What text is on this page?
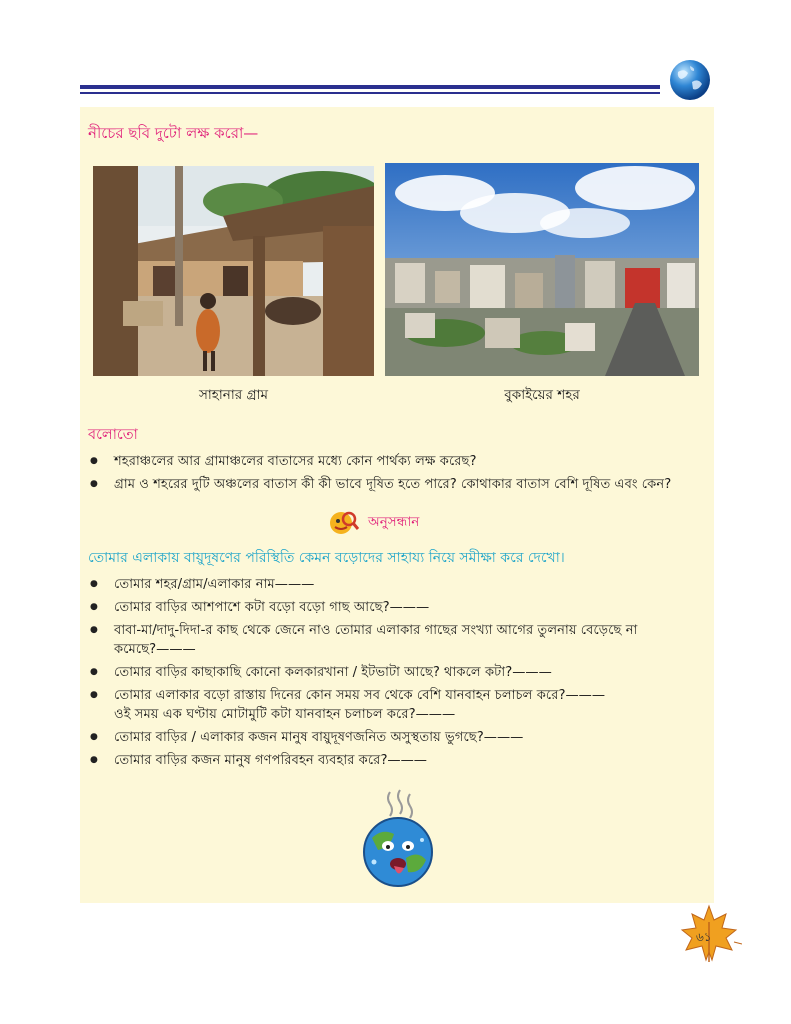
নীচের ছবি দুটো লক্ষ করো—
সাহানার গ্রাম	বুকাইয়ের শহর
বলোতো
● শহরাঞ্চলের আর গ্রামাঞ্চলের বাতাসের মধ্যে কোন পার্থক্য লক্ষ করেছ?
● গ্রাম ও শহরের দুটি অঞ্চলের বাতাস কী কী ভাবে দূষিত হতে পারে? কোথাকার বাতাস বেশি দূষিত এবং কেন?
অনুসন্ধান
তোমার এলাকায় বায়ুদূষণের পরিস্থিতি কেমন বড়োদের সাহায্য নিয়ে সমীক্ষা করে দেখো।
● তোমার শহর/গ্রাম/এলাকার নাম———
● তোমার বাড়ির আশপাশে কটা বড়ো বড়ো গাছ আছে?———
● বাবা-মা/দাদু-দিদা-র কাছ থেকে জেনে নাও তোমার এলাকার গাছের সংখ্যা আগের তুলনায় বেড়েছে না
কমেছে?———
● তোমার বাড়ির কাছাকাছি কোনো কলকারখানা / ইটভাটা আছে? থাকলে কটা?———
● তোমার এলাকার বড়ো রাস্তায় দিনের কোন সময় সব থেকে বেশি যানবাহন চলাচল করে?———
ওই সময় এক ঘণ্টায় মোটামুটি কটা যানবাহন চলাচল করে?———
● তোমার বাড়ির / এলাকার কজন মানুষ বায়ুদূষণজনিত অসুস্থতায় ভুগছে?———
● তোমার বাড়ির কজন মানুষ গণপরিবহন ব্যবহার করে?———
৬১
